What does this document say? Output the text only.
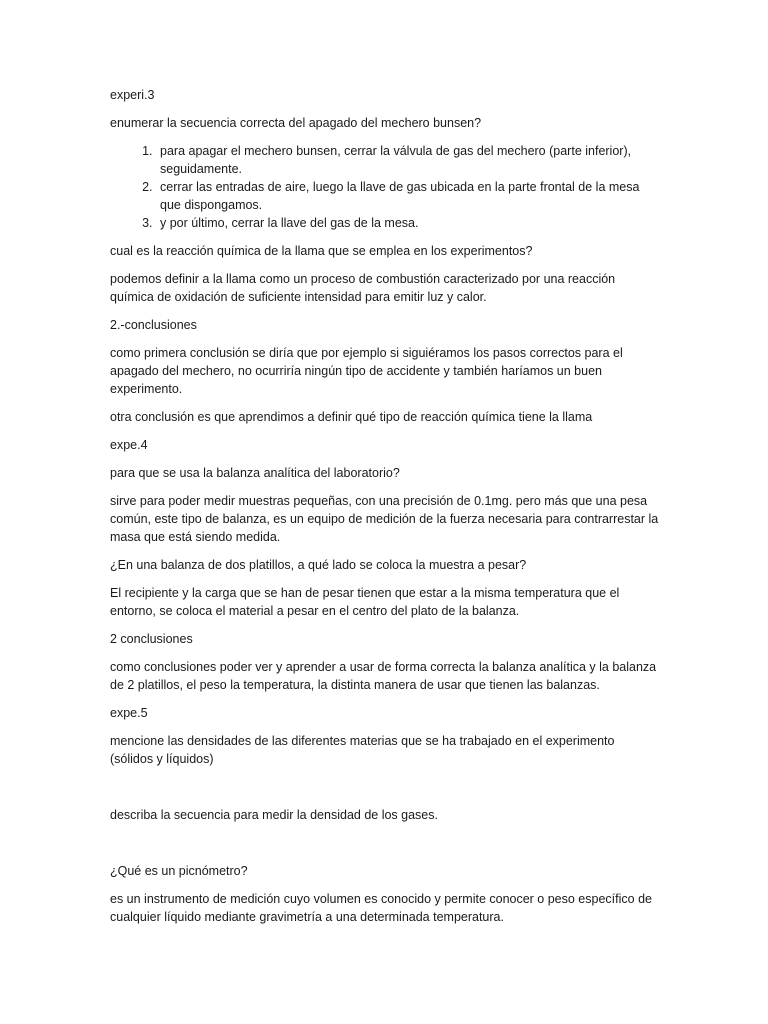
experi.3

enumerar la secuencia correcta del apagado del mechero bunsen?

1. para apagar el mechero bunsen, cerrar la válvula de gas del mechero (parte inferior), seguidamente.
2. cerrar las entradas de aire, luego la llave de gas ubicada en la parte frontal de la mesa que dispongamos.
3. y por último, cerrar la llave del gas de la mesa.

cual es la reacción química de la llama que se emplea en los experimentos?

podemos definir a la llama como un proceso de combustión caracterizado por una reacción química de oxidación de suficiente intensidad para emitir luz y calor.

2.-conclusiones

como primera conclusión se diría que por ejemplo si siguiéramos los pasos correctos para el apagado del mechero, no ocurriría ningún tipo de accidente y también haríamos un buen experimento.

otra conclusión es que aprendimos a definir qué tipo de reacción química tiene la llama

expe.4

para que se usa la balanza analítica del laboratorio?

sirve para poder medir muestras pequeñas, con una precisión de 0.1mg. pero más que una pesa común, este tipo de balanza, es un equipo de medición de la fuerza necesaria para contrarrestar la masa que está siendo medida.

¿En una balanza de dos platillos, a qué lado se coloca la muestra a pesar?

El recipiente y la carga que se han de pesar tienen que estar a la misma temperatura que el entorno, se coloca el material a pesar en el centro del plato de la balanza.

2 conclusiones

como conclusiones poder ver y aprender a usar de forma correcta la balanza analítica y la balanza de 2 platillos, el peso la temperatura, la distinta manera de usar que tienen las balanzas.

expe.5

mencione las densidades de las diferentes materias que se ha trabajado en el experimento (sólidos y líquidos)

describa la secuencia para medir la densidad de los gases.

¿Qué es un picnómetro?

es un instrumento de medición cuyo volumen es conocido y permite conocer o peso específico de cualquier líquido mediante gravimetría a una determinada temperatura.
